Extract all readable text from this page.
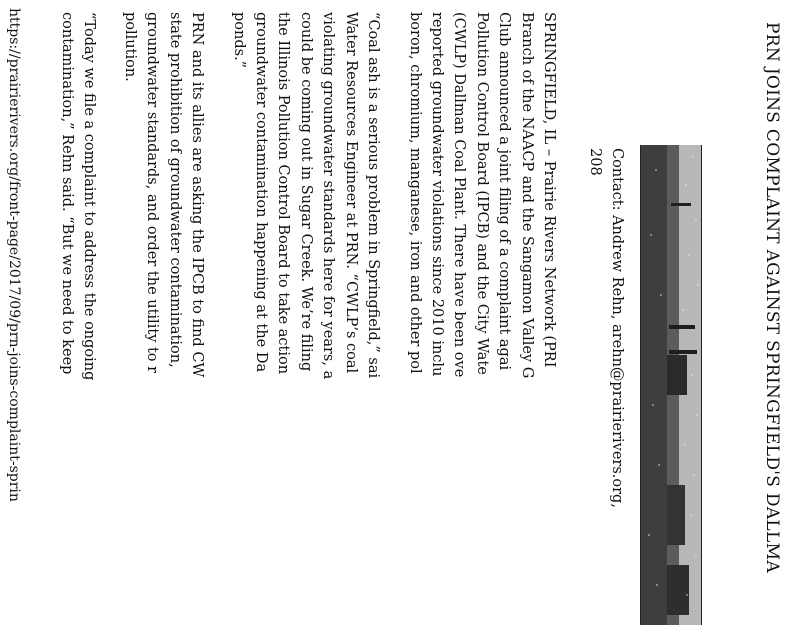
PRN JOINS COMPLAINT AGAINST SPRINGFIELD'S DALLMA
Contact: Andrew Rehn, arehn@prairierivers.org,
208
SPRINGFIELD, IL – Prairie Rivers Network (PRI
Branch of the NAACP and the Sangamon Valley G
Club announced a joint filing of a complaint agai
Pollution Control Board (IPCB) and the City Wate
(CWLP) Dallman Coal Plant. There have been ove
reported groundwater violations since 2010 inclu
boron, chromium, manganese, iron and other pol
“Coal ash is a serious problem in Springfield,” sai
Water Resources Engineer at PRN. “CWLP’s coal
violating groundwater standards here for years, a
could be coming out in Sugar Creek. We’re filing
the Illinois Pollution Control Board to take action
groundwater contamination happening at the Da
ponds.”
PRN and its allies are asking the IPCB to find CW
state prohibition of groundwater contamination,
groundwater standards, and order the utility to r
pollution.
“Today we file a complaint to address the ongoing
contamination,” Rehn said. “But we need to keep
https://prairierivers.org/front-page/2017/09/prn-joins-complaint-sprin
